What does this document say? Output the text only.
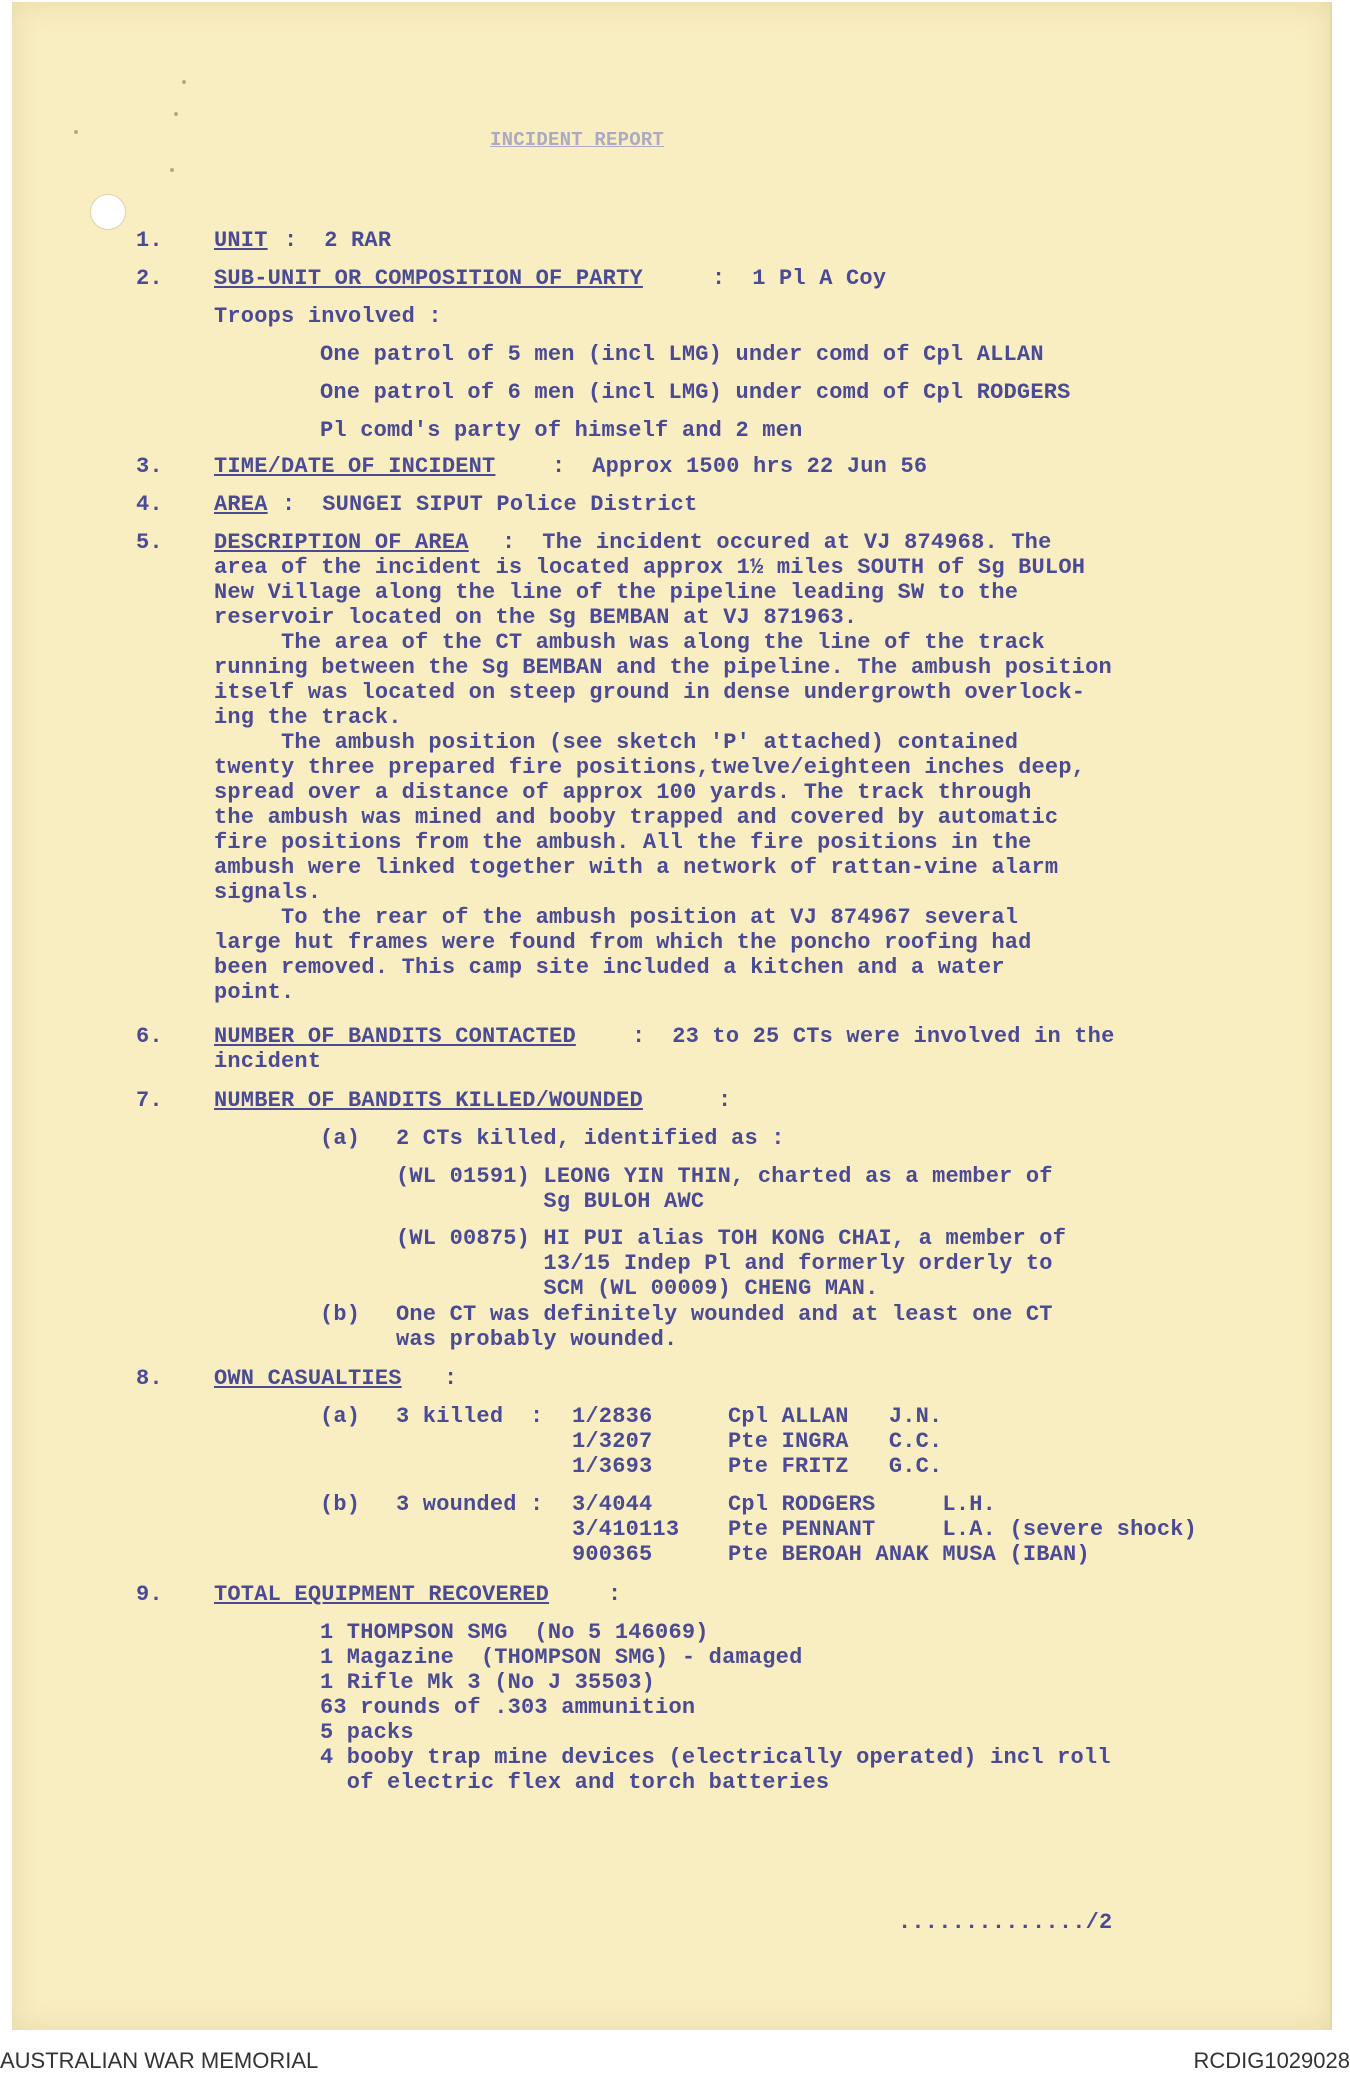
INCIDENT REPORT
1. UNIT :  2 RAR
2. SUB-UNIT OR COMPOSITION OF PARTY	:  1 Pl A Coy
Troops involved :
One patrol of 5 men (incl LMG) under comd of Cpl ALLAN
One patrol of 6 men (incl LMG) under comd of Cpl RODGERS
Pl comd's party of himself and 2 men
3. TIME/DATE OF INCIDENT	:  Approx 1500 hrs 22 Jun 56
4. AREA :  SUNGEI SIPUT Police District
5. DESCRIPTION OF AREA :  The incident occured at VJ 874968. The
area of the incident is located approx 1½ miles SOUTH of Sg BULOH
New Village along the line of the pipeline leading SW to the
reservoir located on the Sg BEMBAN at VJ 871963.
The area of the CT ambush was along the line of the track
running between the Sg BEMBAN and the pipeline. The ambush position
itself was located on steep ground in dense undergrowth overlock-
ing the track.
The ambush position (see sketch 'P' attached) contained
twenty three prepared fire positions,twelve/eighteen inches deep,
spread over a distance of approx 100 yards. The track through
the ambush was mined and booby trapped and covered by automatic
fire positions from the ambush. All the fire positions in the
ambush were linked together with a network of rattan-vine alarm
signals.
To the rear of the ambush position at VJ 874967 several
large hut frames were found from which the poncho roofing had
been removed. This camp site included a kitchen and a water
point.
6. NUMBER OF BANDITS CONTACTED	:  23 to 25 CTs were involved in the
incident
7. NUMBER OF BANDITS KILLED/WOUNDED	:
(a) 2 CTs killed, identified as :
(WL 01591) LEONG YIN THIN, charted as a member of
Sg BULOH AWC
(WL 00875) HI PUI alias TOH KONG CHAI, a member of
13/15 Indep Pl and formerly orderly to
SCM (WL 00009) CHENG MAN.
(b) One CT was definitely wounded and at least one CT
was probably wounded.
8. OWN CASUALTIES :
(a) 3 killed  : 1/2836	Cpl ALLAN   J.N.
1/3207	Pte INGRA   C.C.
1/3693	Pte FRITZ   G.C.
(b) 3 wounded : 3/4044	Cpl RODGERS     L.H.
3/410113 Pte PENNANT     L.A. (severe shock)
900365	Pte BEROAH ANAK MUSA (IBAN)
9. TOTAL EQUIPMENT RECOVERED	:
1 THOMPSON SMG  (No 5 146069)
1 Magazine  (THOMPSON SMG) - damaged
1 Rifle Mk 3 (No J 35503)
63 rounds of .303 ammunition
5 packs
4 booby trap mine devices (electrically operated) incl roll
of electric flex and torch batteries
............../2
AUSTRALIAN WAR MEMORIAL	RCDIG1029028
